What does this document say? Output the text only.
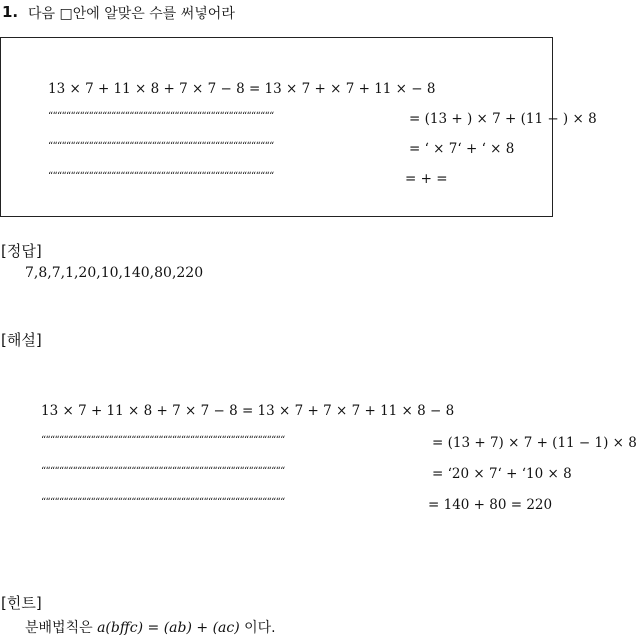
1. 다음 □안에 알맞은 수를 써넣어라
13 × 7 + 11 × 8 + 7 × 7 − 8 = 13 × 7 + × 7 + 11 × − 8
““““““““““““““““““““““““““““““““““““““““““““““““““	= (13 + ) × 7 + (11 − ) × 8
““““““““““““““““““““““““““““““““““““““““““““““““““	= ‘ × 7‘ + ‘ × 8
““““““““““““““““““““““““““““““““““““““““““““““““““	= + =
[정답]
7,8,7,1,20,10,140,80,220
[해설]
13 × 7 + 11 × 8 + 7 × 7 − 8 = 13 × 7 + 7 × 7 + 11 × 8 − 8
““““““““““““““““““““““““““““““““““““““““““““““““““““““	= (13 + 7) × 7 + (11 − 1) × 8
““““““““““““““““““““““““““““““““““““““““““““““““““““““	= ‘20 × 7‘ + ‘10 × 8
““““““““““““““““““““““““““““““““““““““““““““““““““““““	= 140 + 80 = 220
[힌트]
분배법칙은 a(bffc) = (ab) + (ac) 이다.
